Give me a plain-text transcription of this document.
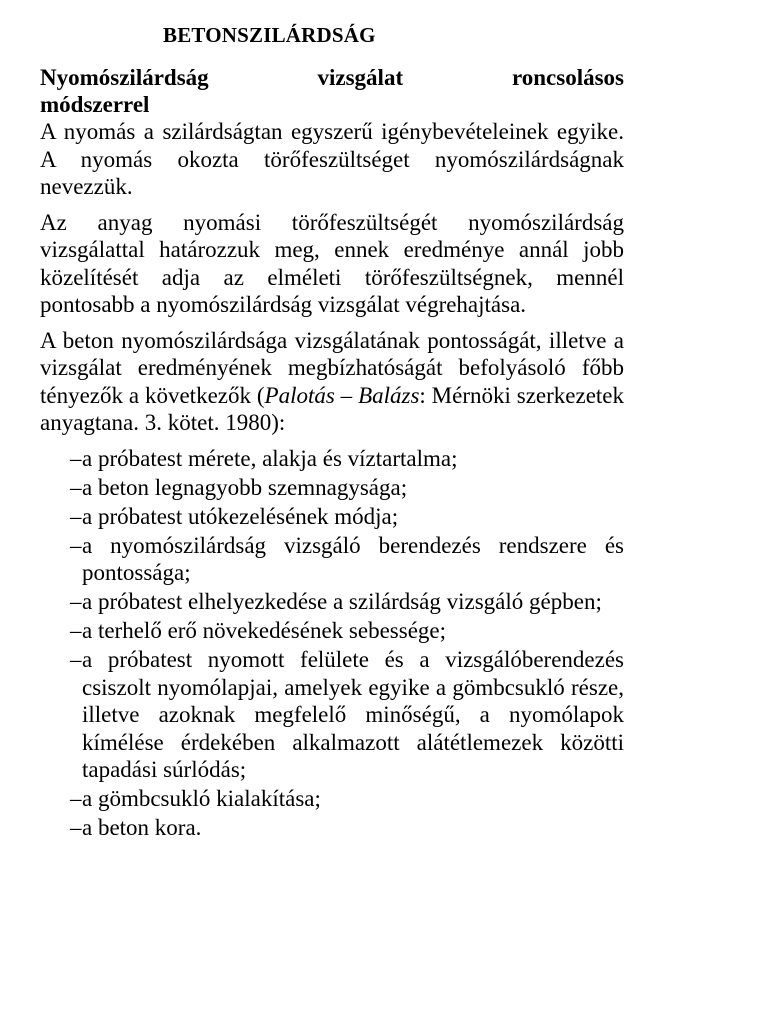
BETONSZILÁRDSÁG
Nyomószilárdság vizsgálat roncsolásos
módszerrel

A nyomás a szilárdságtan egyszerű igénybevételeinek egyike. A nyomás okozta törőfeszültséget nyomószilárdságnak nevezzük.

Az anyag nyomási törőfeszültségét nyomószilárdság vizsgálattal határozzuk meg, ennek eredménye annál jobb közelítését adja az elméleti törőfeszültségnek, mennél pontosabb a nyomószilárdság vizsgálat végrehajtása.

A beton nyomószilárdsága vizsgálatának pontosságát, illetve a vizsgálat eredményének megbízhatóságát befolyásoló főbb tényezők a következők (Palotás – Balázs: Mérnöki szerkezetek anyagtana. 3. kötet. 1980):

– a próbatest mérete, alakja és víztartalma;
– a beton legnagyobb szemnagysága;
– a próbatest utókezelésének módja;
– a nyomószilárdság vizsgáló berendezés rendszere és pontossága;
– a próbatest elhelyezkedése a szilárdság vizsgáló gépben;
– a terhelő erő növekedésének sebessége;
– a próbatest nyomott felülete és a vizsgálóberendezés csiszolt nyomólapjai, amelyek egyike a gömbcsukló része, illetve azoknak megfelelő minőségű, a nyomólapok kímélése érdekében alkalmazott alátétlemezek közötti tapadási súrlódás;
– a gömbcsukló kialakítása;
– a beton kora.
